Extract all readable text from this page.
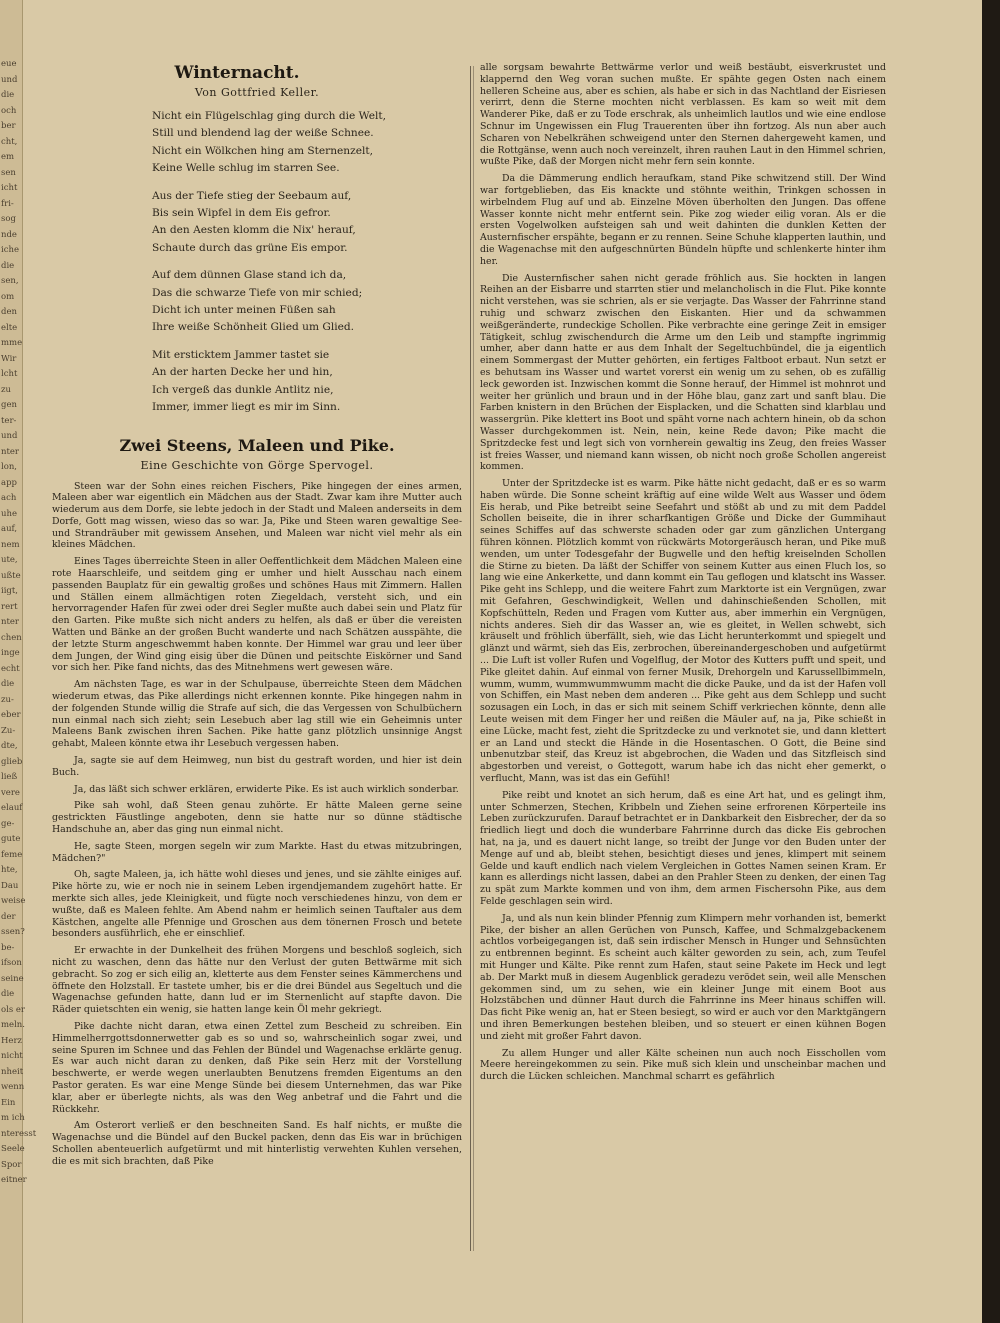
eue
und
die
och
ber
cht,
em
sen
icht
fri-
sog
nde
iche
die
sen,
om
den
elte
mme
Wir
lcht
zu
gen
ter-
und
nter
lon,
app
ach
uhe
auf,
nem
ute,
ußte
iigt,
rert
nter
chen
inge
echt
die
zu-
eber
Zu-
dte,
glieb
ließ
vere
elauf
ge-
gute
feme
hte,
Dau
weise
der
ssen?
be-
ifson
seine
die
ols er
meln.
Herz
nicht
nheit
wenn
Ein
m ich
nteresst
Seele
Spor
eitner
Winternacht.
Von Gottfried Keller.
Nicht ein Flügelschlag ging durch die Welt,
Still und blendend lag der weiße Schnee.
Nicht ein Wölkchen hing am Sternenzelt,
Keine Welle schlug im starren See.
Aus der Tiefe stieg der Seebaum auf,
Bis sein Wipfel in dem Eis gefror.
An den Aesten klomm die Nix' herauf,
Schaute durch das grüne Eis empor.
Auf dem dünnen Glase stand ich da,
Das die schwarze Tiefe von mir schied;
Dicht ich unter meinen Füßen sah
Ihre weiße Schönheit Glied um Glied.
Mit ersticktem Jammer tastet sie
An der harten Decke her und hin,
Ich vergeß das dunkle Antlitz nie,
Immer, immer liegt es mir im Sinn.
Zwei Steens, Maleen und Pike.
Eine Geschichte von Görge Spervogel.

Steen war der Sohn eines reichen Fischers, Pike hingegen der eines armen, Maleen aber war eigentlich ein Mädchen aus der Stadt. Zwar kam ihre Mutter auch wiederum aus dem Dorfe, sie lebte jedoch in der Stadt und Maleen anderseits in dem Dorfe, Gott mag wissen, wieso das so war. Ja, Pike und Steen waren gewaltige See- und Strandräuber mit gewissem Ansehen, und Maleen war nicht viel mehr als ein kleines Mädchen.

Eines Tages überreichte Steen in aller Oeffentlichkeit dem Mädchen Maleen eine rote Haarschleife, und seitdem ging er umher und hielt Ausschau nach einem passenden Bauplatz für ein gewaltig großes und schönes Haus mit Zimmern. Hallen und Ställen einem allmächtigen roten Ziegeldach, versteht sich, und ein hervorragender Hafen für zwei oder drei Segler mußte auch dabei sein und Platz für den Garten. Pike mußte sich nicht anders zu helfen, als daß er über die vereisten Watten und Bänke an der großen Bucht wanderte und nach Schätzen ausspähte, die der letzte Sturm angeschwemmt haben konnte. Der Himmel war grau und leer über dem Jungen, der Wind ging eisig über die Dünen und peitschte Eiskörner und Sand vor sich her. Pike fand nichts, das des Mitnehmens wert gewesen wäre.

Am nächsten Tage, es war in der Schulpause, überreichte Steen dem Mädchen wiederum etwas, das Pike allerdings nicht erkennen konnte. Pike hingegen nahm in der folgenden Stunde willig die Strafe auf sich, die das Vergessen von Schulbüchern nun einmal nach sich zieht; sein Lesebuch aber lag still wie ein Geheimnis unter Maleens Bank zwischen ihren Sachen. Pike hatte ganz plötzlich unsinnige Angst gehabt, Maleen könnte etwa ihr Lesebuch vergessen haben.

Ja, sagte sie auf dem Heimweg, nun bist du gestraft worden, und hier ist dein Buch.

Ja, das läßt sich schwer erklären, erwiderte Pike. Es ist auch wirklich sonderbar.

Pike sah wohl, daß Steen genau zuhörte. Er hätte Maleen gerne seine gestrickten Fäustlinge angeboten, denn sie hatte nur so dünne städtische Handschuhe an, aber das ging nun einmal nicht.

He, sagte Steen, morgen segeln wir zum Markte. Hast du etwas mitzubringen, Mädchen?"

Oh, sagte Maleen, ja, ich hätte wohl dieses und jenes, und sie zählte einiges auf. Pike hörte zu, wie er noch nie in seinem Leben irgendjemandem zugehört hatte. Er merkte sich alles, jede Kleinigkeit, und fügte noch verschiedenes hinzu, von dem er wußte, daß es Maleen fehlte. Am Abend nahm er heimlich seinen Tauftaler aus dem Kästchen, angelte alle Pfennige und Groschen aus dem tönernen Frosch und betete besonders ausführlich, ehe er einschlief.

Er erwachte in der Dunkelheit des frühen Morgens und beschloß sogleich, sich nicht zu waschen, denn das hätte nur den Verlust der guten Bettwärme mit sich gebracht. So zog er sich eilig an, kletterte aus dem Fenster seines Kämmerchens und öffnete den Holzstall. Er tastete umher, bis er die drei Bündel aus Segeltuch und die Wagenachse gefunden hatte, dann lud er im Sternenlicht auf stapfte davon. Die Räder quietschten ein wenig, sie hatten lange kein Öl mehr gekriegt.

Pike dachte nicht daran, etwa einen Zettel zum Bescheid zu schreiben. Ein Himmelherrgottsdonnerwetter gab es so und so, wahrscheinlich sogar zwei, und seine Spuren im Schnee und das Fehlen der Bündel und Wagenachse erklärte genug. Es war auch nicht daran zu denken, daß Pike sein Herz mit der Vorstellung beschwerte, er werde wegen unerlaubten Benutzens fremden Eigentums an den Pastor geraten. Es war eine Menge Sünde bei diesem Unternehmen, das war Pike klar, aber er überlegte nichts, als was den Weg anbetraf und die Fahrt und die Rückkehr.

Am Osterort verließ er den beschneiten Sand. Es half nichts, er mußte die Wagenachse und die Bündel auf den Buckel packen, denn das Eis war in brüchigen Schollen abenteuerlich aufgetürmt und mit hinterlistig verwehten Kuhlen versehen, die es mit sich brachten, daß Pike

alle sorgsam bewahrte Bettwärme verlor und weiß bestäubt, eisverkrustet und klappernd den Weg voran suchen mußte. Er spähte gegen Osten nach einem helleren Scheine aus, aber es schien, als habe er sich in das Nachtland der Eisriesen verirrt, denn die Sterne mochten nicht verblassen. Es kam so weit mit dem Wanderer Pike, daß er zu Tode erschrak, als unheimlich lautlos und wie eine endlose Schnur im Ungewissen ein Flug Trauerenten über ihn fortzog. Als nun aber auch Scharen von Nebelkrähen schweigend unter den Sternen dahergeweht kamen, und die Rottgänse, wenn auch noch vereinzelt, ihren rauhen Laut in den Himmel schrien, wußte Pike, daß der Morgen nicht mehr fern sein konnte.

Da die Dämmerung endlich heraufkam, stand Pike schwitzend still. Der Wind war fortgeblieben, das Eis knackte und stöhnte weithin, Trinkgen schossen in wirbelndem Flug auf und ab. Einzelne Möven überholten den Jungen. Das offene Wasser konnte nicht mehr entfernt sein. Pike zog wieder eilig voran. Als er die ersten Vogelwolken aufsteigen sah und weit dahinten die dunklen Ketten der Austernfischer erspähte, begann er zu rennen. Seine Schuhe klapperten lauthin, und die Wagenachse mit den aufgeschnürten Bündeln hüpfte und schlenkerte hinter ihm her.

Die Austernfischer sahen nicht gerade fröhlich aus. Sie hockten in langen Reihen an der Eisbarre und starrten stier und melancholisch in die Flut. Pike konnte nicht verstehen, was sie schrien, als er sie verjagte. Das Wasser der Fahrrinne stand ruhig und schwarz zwischen den Eiskanten. Hier und da schwammen weißgeränderte, rundeckige Schollen. Pike verbrachte eine geringe Zeit in emsiger Tätigkeit, schlug zwischendurch die Arme um den Leib und stampfte ingrimmig umher, aber dann hatte er aus dem Inhalt der Segeltuchbündel, die ja eigentlich einem Sommergast der Mutter gehörten, ein fertiges Faltboot erbaut. Nun setzt er es behutsam ins Wasser und wartet vorerst ein wenig um zu sehen, ob es zufällig leck geworden ist. Inzwischen kommt die Sonne herauf, der Himmel ist mohnrot und weiter her grünlich und braun und in der Höhe blau, ganz zart und sanft blau. Die Farben knistern in den Brüchen der Eisplacken, und die Schatten sind klarblau und wassergrün. Pike klettert ins Boot und späht vorne nach achtern hinein, ob da schon Wasser durchgekommen ist. Nein, nein, keine Rede davon; Pike macht die Spritzdecke fest und legt sich von vornherein gewaltig ins Zeug, den freies Wasser ist freies Wasser, und niemand kann wissen, ob nicht noch große Schollen angereist kommen.

Unter der Spritzdecke ist es warm. Pike hätte nicht gedacht, daß er es so warm haben würde. Die Sonne scheint kräftig auf eine wilde Welt aus Wasser und ödem Eis herab, und Pike betreibt seine Seefahrt und stößt ab und zu mit dem Paddel Schollen beiseite, die in ihrer scharfkantigen Größe und Dicke der Gummihaut seines Schiffes auf das schwerste schaden oder gar zum gänzlichen Untergang führen können. Plötzlich kommt von rückwärts Motorgeräusch heran, und Pike muß wenden, um unter Todesgefahr der Bugwelle und den heftig kreiselnden Schollen die Stirne zu bieten. Da läßt der Schiffer von seinem Kutter aus einen Fluch los, so lang wie eine Ankerkette, und dann kommt ein Tau geflogen und klatscht ins Wasser. Pike geht ins Schlepp, und die weitere Fahrt zum Marktorte ist ein Vergnügen, zwar mit Gefahren, Geschwindigkeit, Wellen und dahinschießenden Schollen, mit Kopfschütteln, Reden und Fragen vom Kutter aus, aber immerhin ein Vergnügen, nichts anderes. Sieh dir das Wasser an, wie es gleitet, in Wellen schwebt, sich kräuselt und fröhlich überfällt, sieh, wie das Licht herunterkommt und spiegelt und glänzt und wärmt, sieh das Eis, zerbrochen, übereinandergeschoben und aufgetürmt ... Die Luft ist voller Rufen und Vogelflug, der Motor des Kutters pufft und speit, und Pike gleitet dahin. Auf einmal von ferner Musik, Drehorgeln und Karussellbimmeln, wumm, wumm, wummwummwumm macht die dicke Pauke, und da ist der Hafen voll von Schiffen, ein Mast neben dem anderen ... Pike geht aus dem Schlepp und sucht sozusagen ein Loch, in das er sich mit seinem Schiff verkriechen könnte, denn alle Leute weisen mit dem Finger her und reißen die Mäuler auf, na ja, Pike schießt in eine Lücke, macht fest, zieht die Spritzdecke zu und verknotet sie, und dann klettert er an Land und steckt die Hände in die Hosentaschen. O Gott, die Beine sind unbenutzbar steif, das Kreuz ist abgebrochen, die Waden und das Sitzfleisch sind abgestorben und vereist, o Gottegott, warum habe ich das nicht eher gemerkt, o verflucht, Mann, was ist das ein Gefühl!

Pike reibt und knotet an sich herum, daß es eine Art hat, und es gelingt ihm, unter Schmerzen, Stechen, Kribbeln und Ziehen seine erfrorenen Körperteile ins Leben zurückzurufen. Darauf betrachtet er in Dankbarkeit den Eisbrecher, der da so friedlich liegt und doch die wunderbare Fahrrinne durch das dicke Eis gebrochen hat, na ja, und es dauert nicht lange, so treibt der Junge vor den Buden unter der Menge auf und ab, bleibt stehen, besichtigt dieses und jenes, klimpert mit seinem Gelde und kauft endlich nach vielem Vergleichen in Gottes Namen seinen Kram. Er kann es allerdings nicht lassen, dabei an den Prahler Steen zu denken, der einen Tag zu spät zum Markte kommen und von ihm, dem armen Fischersohn Pike, aus dem Felde geschlagen sein wird.

Ja, und als nun kein blinder Pfennig zum Klimpern mehr vorhanden ist, bemerkt Pike, der bisher an allen Gerüchen von Punsch, Kaffee, und Schmalzgebackenem achtlos vorbeigegangen ist, daß sein irdischer Mensch in Hunger und Sehnsüchten zu entbrennen beginnt. Es scheint auch kälter geworden zu sein, ach, zum Teufel mit Hunger und Kälte. Pike rennt zum Hafen, staut seine Pakete im Heck und legt ab. Der Markt muß in diesem Augenblick geradezu verödet sein, weil alle Menschen gekommen sind, um zu sehen, wie ein kleiner Junge mit einem Boot aus Holzstäbchen und dünner Haut durch die Fahrrinne ins Meer hinaus schiffen will. Das ficht Pike wenig an, hat er Steen besiegt, so wird er auch vor den Marktgängern und ihren Bemerkungen bestehen bleiben, und so steuert er einen kühnen Bogen und zieht mit großer Fahrt davon.

Zu allem Hunger und aller Kälte scheinen nun auch noch Eisschollen vom Meere hereingekommen zu sein. Pike muß sich klein und unscheinbar machen und durch die Lücken schleichen. Manchmal scharrt es gefährlich
